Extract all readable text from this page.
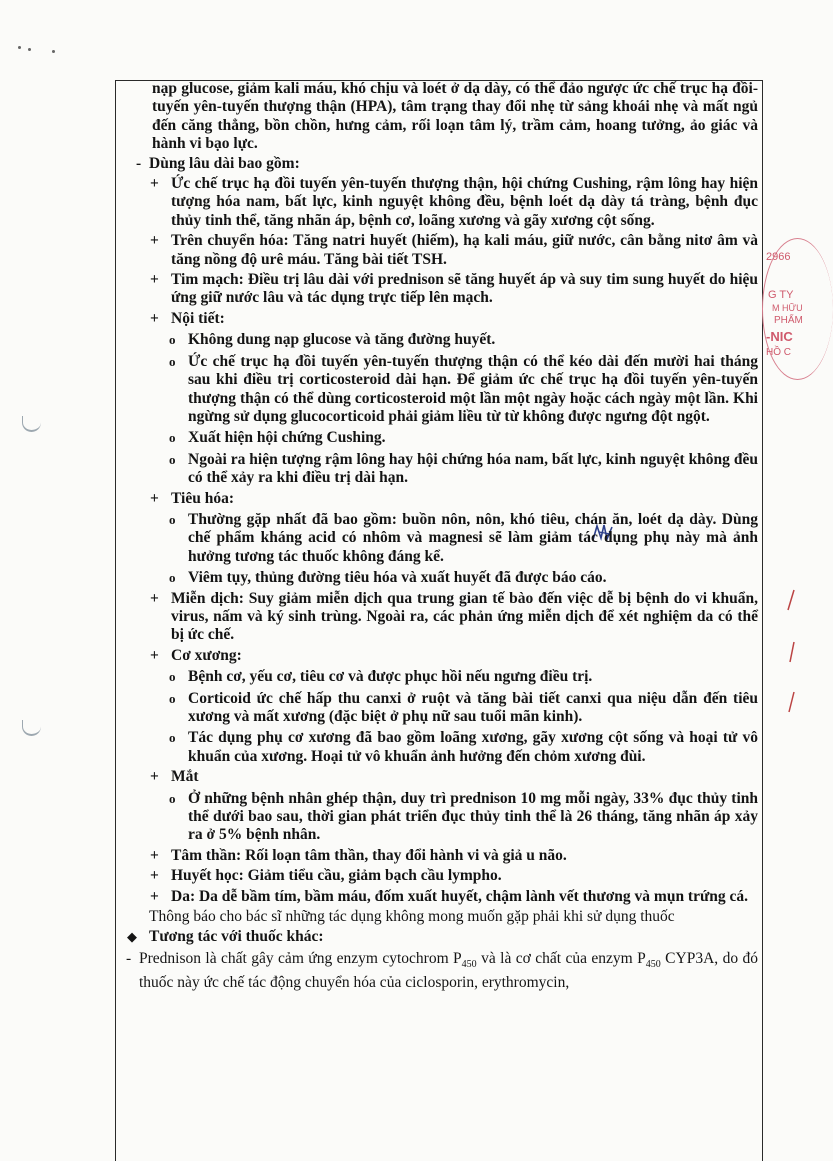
2966
G TY
M HỮU
PHẨM
-NIC
HỒ C

nạp glucose, giảm kali máu, khó chịu và loét ở dạ dày, có thể đảo ngược ức chế trục hạ đồi- tuyến yên-tuyến thượng thận (HPA), tâm trạng thay đổi nhẹ từ sảng khoái nhẹ và mất ngủ đến căng thẳng, bồn chồn, hưng cảm, rối loạn tâm lý, trầm cảm, hoang tưởng, ảo giác và hành vi bạo lực.

- Dùng lâu dài bao gồm:
+ Ức chế trục hạ đồi tuyến yên-tuyến thượng thận, hội chứng Cushing, rậm lông hay hiện tượng hóa nam, bất lực, kinh nguyệt không đều, bệnh loét dạ dày tá tràng, bệnh đục thủy tinh thể, tăng nhãn áp, bệnh cơ, loãng xương và gãy xương cột sống.
+ Trên chuyển hóa: Tăng natri huyết (hiếm), hạ kali máu, giữ nước, cân bằng nitơ âm và tăng nồng độ urê máu. Tăng bài tiết TSH.
+ Tim mạch: Điều trị lâu dài với prednison sẽ tăng huyết áp và suy tim sung huyết do hiệu ứng giữ nước lâu và tác dụng trực tiếp lên mạch.
+ Nội tiết:
o Không dung nạp glucose và tăng đường huyết.
o Ức chế trục hạ đồi tuyến yên-tuyến thượng thận có thể kéo dài đến mười hai tháng sau khi điều trị corticosteroid dài hạn. Để giảm ức chế trục hạ đồi tuyến yên-tuyến thượng thận có thể dùng corticosteroid một lần một ngày hoặc cách ngày một lần. Khi ngừng sử dụng glucocorticoid phải giảm liều từ từ không được ngưng đột ngột.
o Xuất hiện hội chứng Cushing.
o Ngoài ra hiện tượng rậm lông hay hội chứng hóa nam, bất lực, kinh nguyệt không đều có thể xảy ra khi điều trị dài hạn.
+ Tiêu hóa:
o Thường gặp nhất đã bao gồm: buồn nôn, nôn, khó tiêu, chán ăn, loét dạ dày. Dùng chế phẩm kháng acid có nhôm và magnesi sẽ làm giảm tác dụng phụ này mà ảnh hưởng tương tác thuốc không đáng kể.
o Viêm tụy, thủng đường tiêu hóa và xuất huyết đã được báo cáo.
+ Miễn dịch: Suy giảm miễn dịch qua trung gian tế bào đến việc dễ bị bệnh do vi khuẩn, virus, nấm và ký sinh trùng. Ngoài ra, các phản ứng miễn dịch để xét nghiệm da có thể bị ức chế.
+ Cơ xương:
o Bệnh cơ, yếu cơ, tiêu cơ và được phục hồi nếu ngưng điều trị.
o Corticoid ức chế hấp thu canxi ở ruột và tăng bài tiết canxi qua niệu dẫn đến tiêu xương và mất xương (đặc biệt ở phụ nữ sau tuổi mãn kinh).
o Tác dụng phụ cơ xương đã bao gồm loãng xương, gãy xương cột sống và hoại tử vô khuẩn của xương. Hoại tử vô khuẩn ảnh hưởng đến chỏm xương đùi.
+ Mắt
o Ở những bệnh nhân ghép thận, duy trì prednison 10 mg mỗi ngày, 33% đục thủy tinh thể dưới bao sau, thời gian phát triển đục thủy tinh thể là 26 tháng, tăng nhãn áp xảy ra ở 5% bệnh nhân.
+ Tâm thần: Rối loạn tâm thần, thay đổi hành vi và giả u não.
+ Huyết học: Giảm tiểu cầu, giảm bạch cầu lympho.
+ Da: Da dễ bầm tím, bầm máu, đốm xuất huyết, chậm lành vết thương và mụn trứng cá.

Thông báo cho bác sĩ những tác dụng không mong muốn gặp phải khi sử dụng thuốc

◆ Tương tác với thuốc khác:
- Prednison là chất gây cảm ứng enzym cytochrom $P_{450}$ và là cơ chất của enzym $P_{450}$ CYP3A, do đó thuốc này ức chế tác động chuyển hóa của ciclosporin, erythromycin,
